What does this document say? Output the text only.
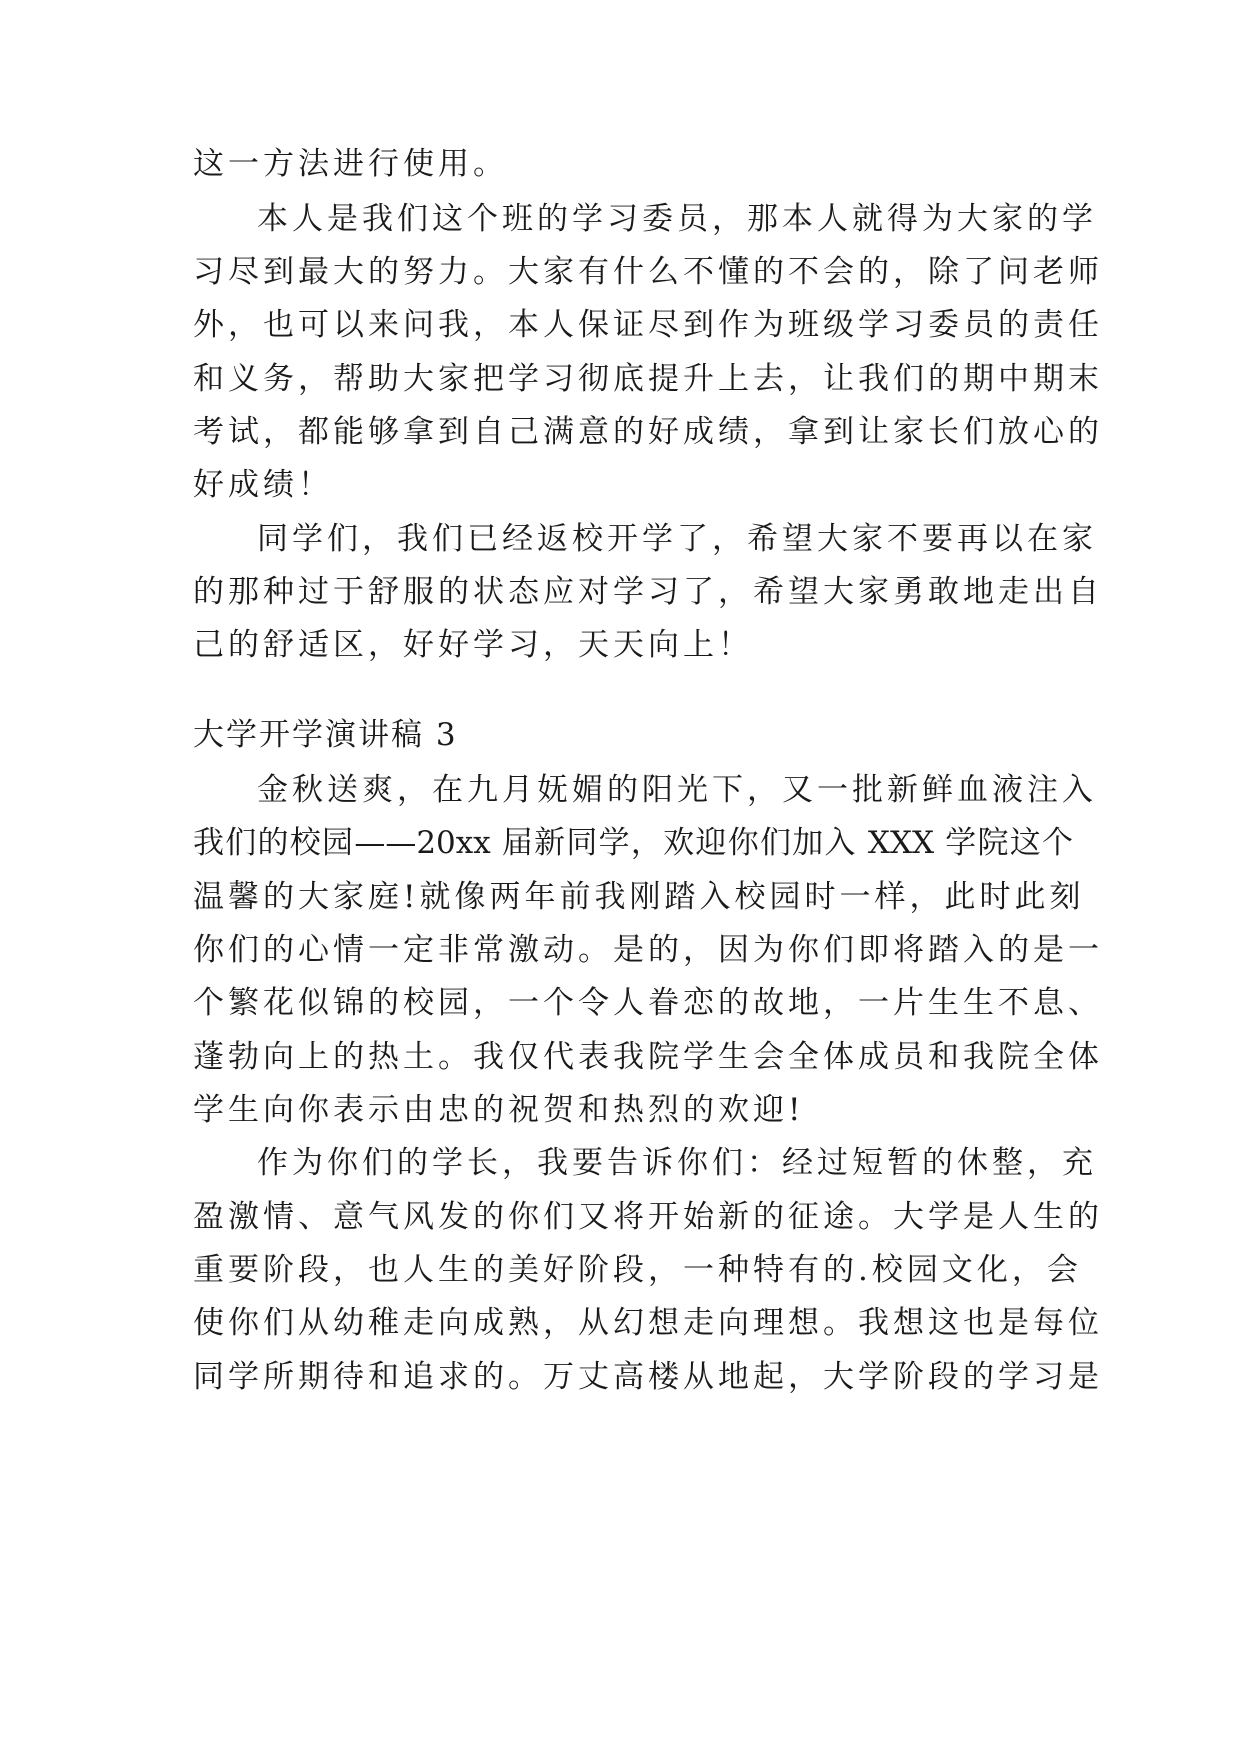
这一方法进行使用。
本人是我们这个班的学习委员，那本人就得为大家的学
习尽到最大的努力。大家有什么不懂的不会的，除了问老师
外，也可以来问我，本人保证尽到作为班级学习委员的责任
和义务，帮助大家把学习彻底提升上去，让我们的期中期末
考试，都能够拿到自己满意的好成绩，拿到让家长们放心的
好成绩！
同学们，我们已经返校开学了，希望大家不要再以在家
的那种过于舒服的状态应对学习了，希望大家勇敢地走出自
己的舒适区，好好学习，天天向上！
大学开学演讲稿 3
金秋送爽，在九月妩媚的阳光下，又一批新鲜血液注入
我们的校园——20xx 届新同学，欢迎你们加入 XXX 学院这个
温馨的大家庭!就像两年前我刚踏入校园时一样，此时此刻
你们的心情一定非常激动。是的，因为你们即将踏入的是一
个繁花似锦的校园，一个令人眷恋的故地，一片生生不息、
蓬勃向上的热土。我仅代表我院学生会全体成员和我院全体
学生向你表示由忠的祝贺和热烈的欢迎!
作为你们的学长，我要告诉你们：经过短暂的休整，充
盈激情、意气风发的你们又将开始新的征途。大学是人生的
重要阶段，也人生的美好阶段，一种特有的.校园文化，会
使你们从幼稚走向成熟，从幻想走向理想。我想这也是每位
同学所期待和追求的。万丈高楼从地起，大学阶段的学习是
